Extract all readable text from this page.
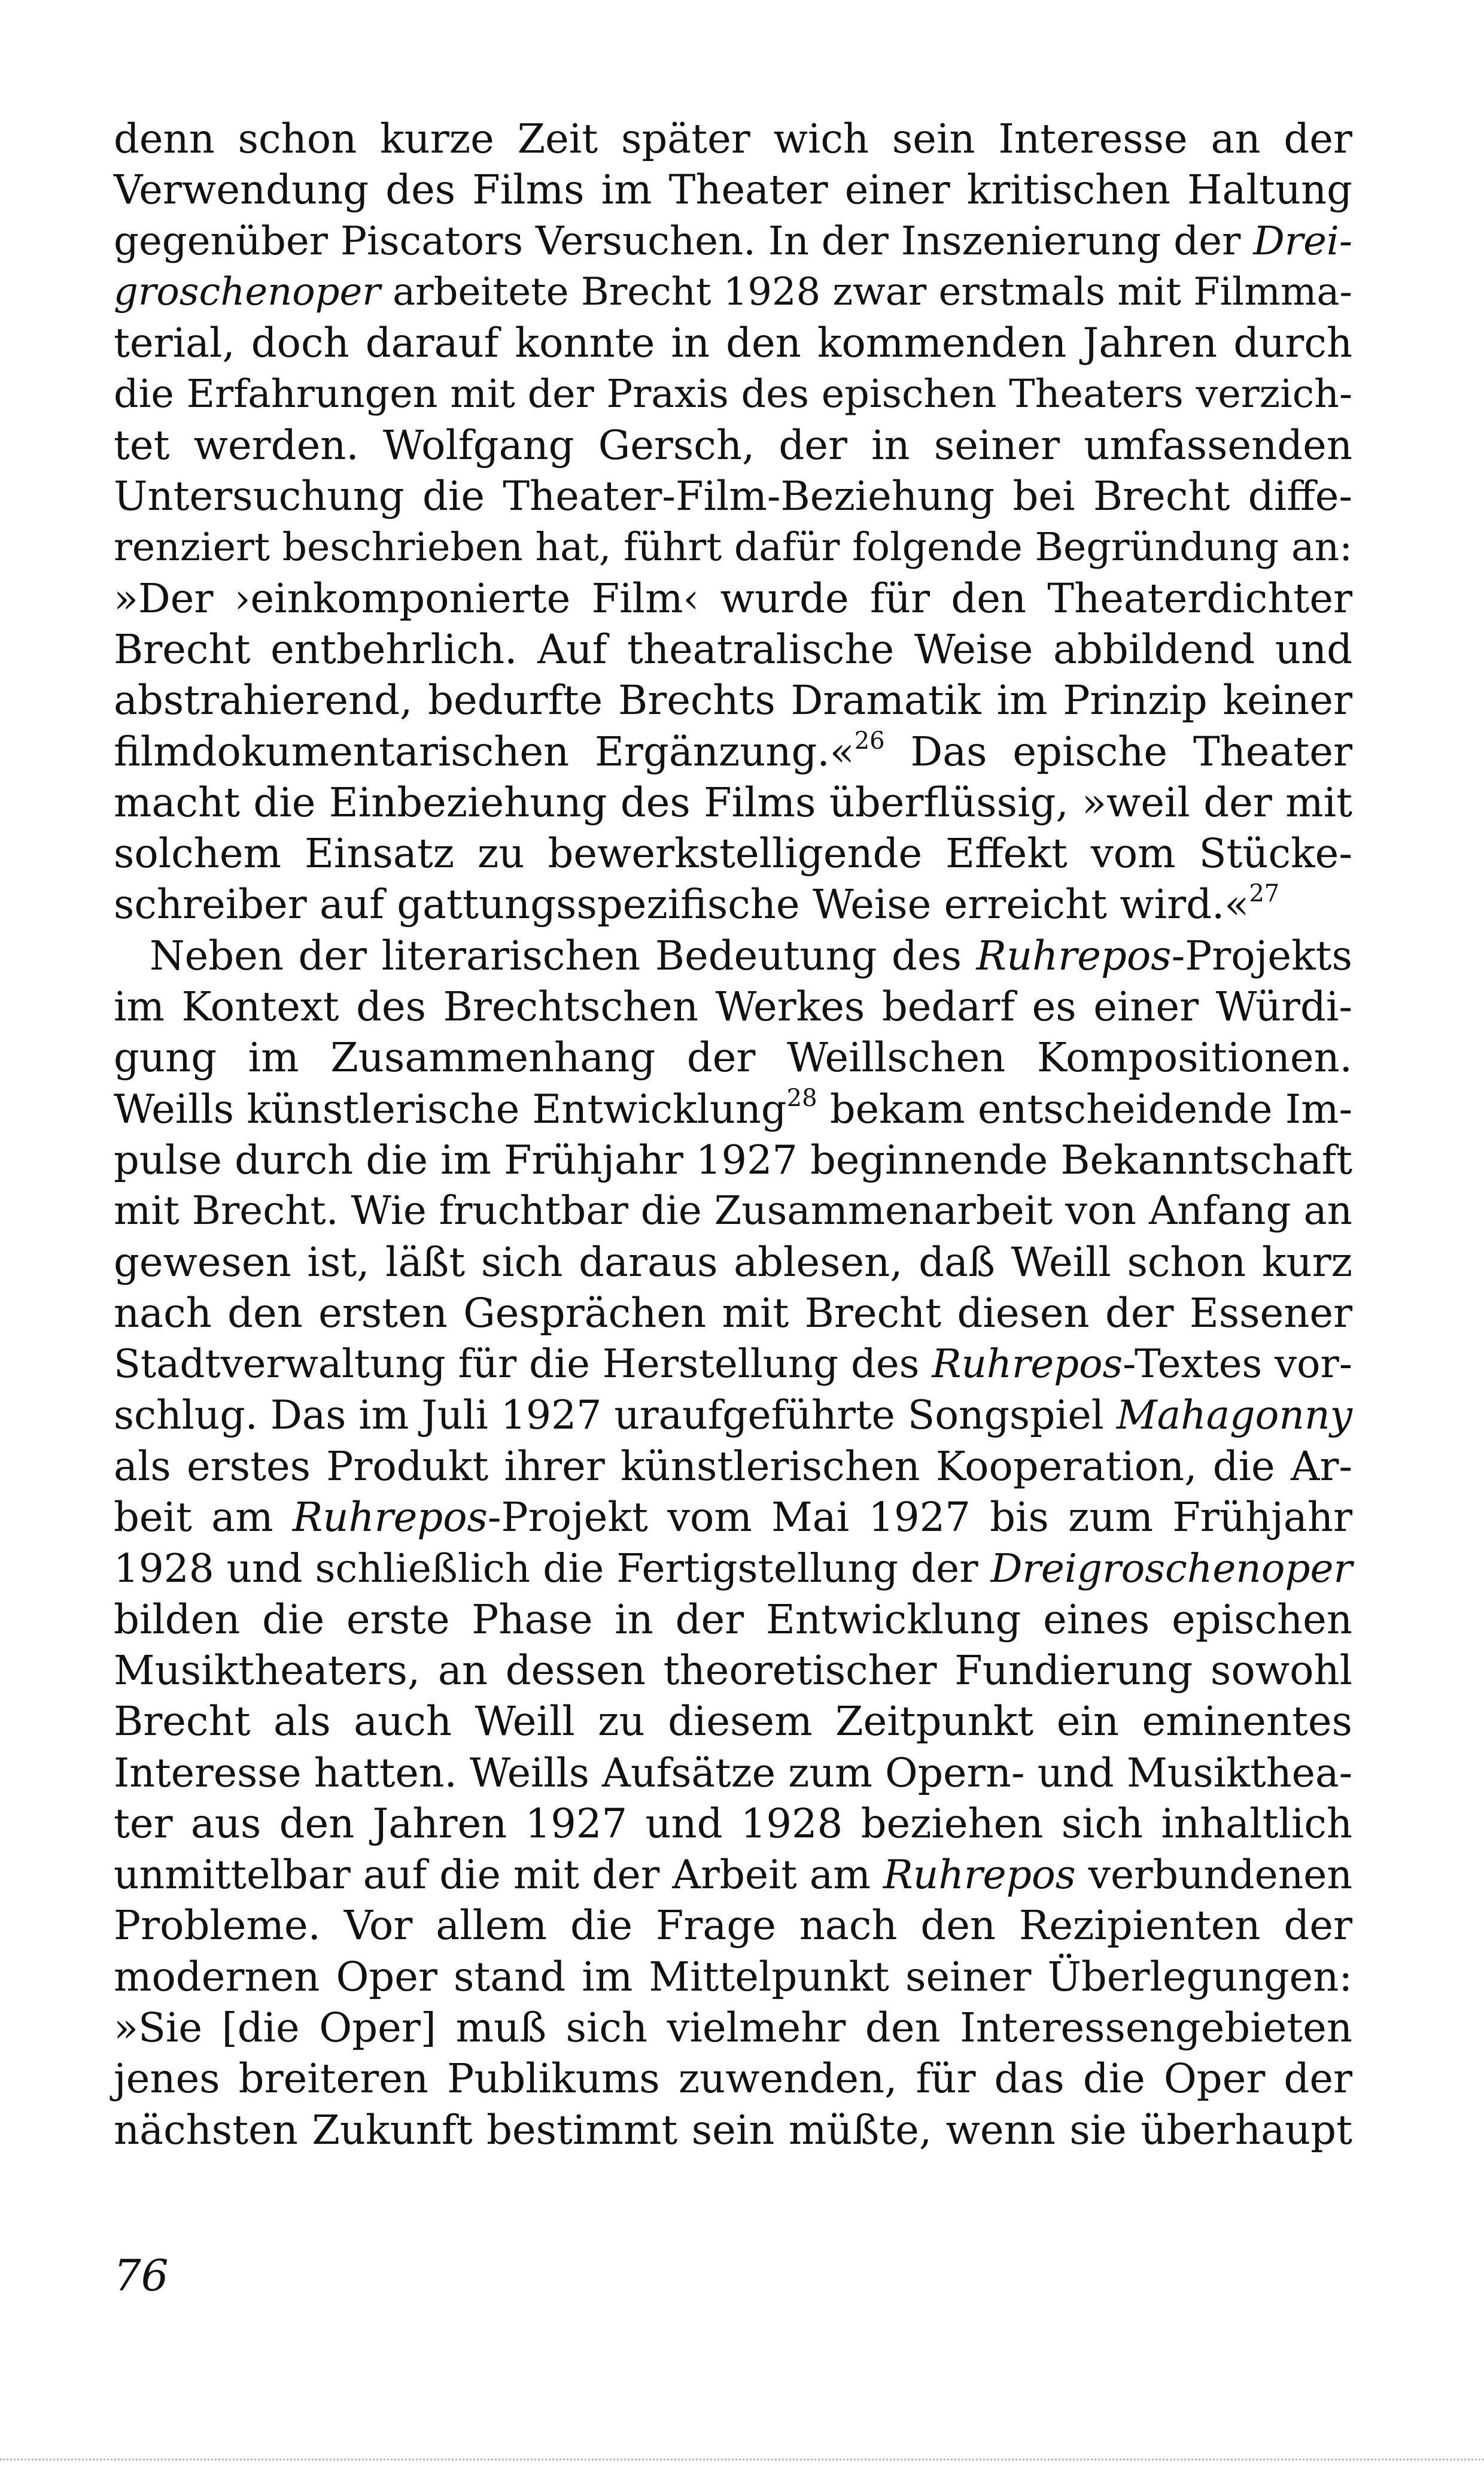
denn schon kurze Zeit später wich sein Interesse an der
Verwendung des Films im Theater einer kritischen Haltung
gegenüber Piscators Versuchen. In der Inszenierung der Drei-
groschenoper arbeitete Brecht 1928 zwar erstmals mit Filmma-
terial, doch darauf konnte in den kommenden Jahren durch
die Erfahrungen mit der Praxis des epischen Theaters verzich-
tet werden. Wolfgang Gersch, der in seiner umfassenden
Untersuchung die Theater-Film-Beziehung bei Brecht diffe-
renziert beschrieben hat, führt dafür folgende Begründung an:
»Der ›einkomponierte Film‹ wurde für den Theaterdichter
Brecht entbehrlich. Auf theatralische Weise abbildend und
abstrahierend, bedurfte Brechts Dramatik im Prinzip keiner
filmdokumentarischen Ergänzung.«$^{26}$ Das epische Theater
macht die Einbeziehung des Films überflüssig, »weil der mit
solchem Einsatz zu bewerkstelligende Effekt vom Stücke-
schreiber auf gattungsspezifische Weise erreicht wird.«$^{27}$
Neben der literarischen Bedeutung des Ruhrepos-Projekts
im Kontext des Brechtschen Werkes bedarf es einer Würdi-
gung im Zusammenhang der Weillschen Kompositionen.
Weills künstlerische Entwicklung$^{28}$ bekam entscheidende Im-
pulse durch die im Frühjahr 1927 beginnende Bekanntschaft
mit Brecht. Wie fruchtbar die Zusammenarbeit von Anfang an
gewesen ist, läßt sich daraus ablesen, daß Weill schon kurz
nach den ersten Gesprächen mit Brecht diesen der Essener
Stadtverwaltung für die Herstellung des Ruhrepos-Textes vor-
schlug. Das im Juli 1927 uraufgeführte Songspiel Mahagonny
als erstes Produkt ihrer künstlerischen Kooperation, die Ar-
beit am Ruhrepos-Projekt vom Mai 1927 bis zum Frühjahr
1928 und schließlich die Fertigstellung der Dreigroschenoper
bilden die erste Phase in der Entwicklung eines epischen
Musiktheaters, an dessen theoretischer Fundierung sowohl
Brecht als auch Weill zu diesem Zeitpunkt ein eminentes
Interesse hatten. Weills Aufsätze zum Opern- und Musikthea-
ter aus den Jahren 1927 und 1928 beziehen sich inhaltlich
unmittelbar auf die mit der Arbeit am Ruhrepos verbundenen
Probleme. Vor allem die Frage nach den Rezipienten der
modernen Oper stand im Mittelpunkt seiner Überlegungen:
»Sie [die Oper] muß sich vielmehr den Interessengebieten
jenes breiteren Publikums zuwenden, für das die Oper der
nächsten Zukunft bestimmt sein müßte, wenn sie überhaupt
76
